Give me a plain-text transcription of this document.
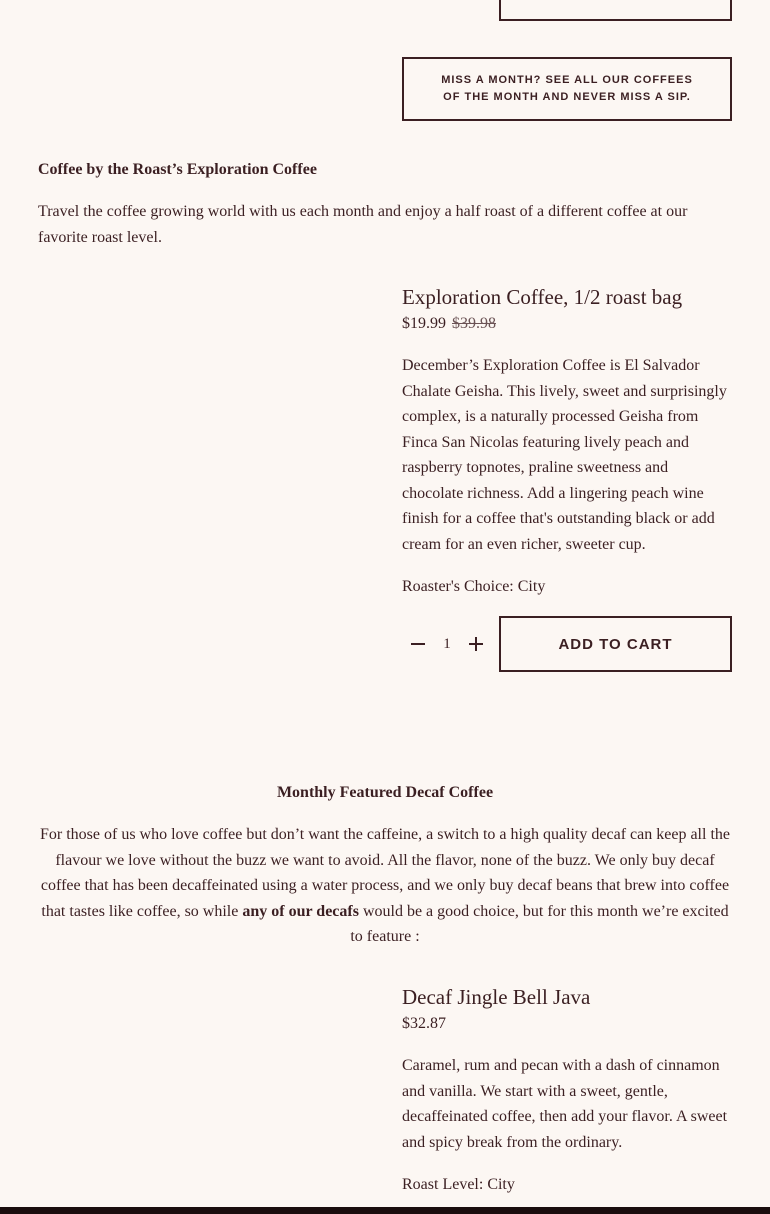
MISS A MONTH? SEE ALL OUR COFFEES OF THE MONTH AND NEVER MISS A SIP.
Coffee by the Roast’s Exploration Coffee
Travel the coffee growing world with us each month and enjoy a half roast of a different coffee at our favorite roast level.
Exploration Coffee, 1/2 roast bag
$19.99 $39.98
December’s Exploration Coffee is El Salvador Chalate Geisha. This lively, sweet and surprisingly complex, is a naturally processed Geisha from Finca San Nicolas featuring lively peach and raspberry topnotes, praline sweetness and chocolate richness. Add a lingering peach wine finish for a coffee that's outstanding black or add cream for an even richer, sweeter cup.
Roaster's Choice: City
1	ADD TO CART
Monthly Featured Decaf Coffee
For those of us who love coffee but don’t want the caffeine, a switch to a high quality decaf can keep all the flavour we love without the buzz we want to avoid. All the flavor, none of the buzz. We only buy decaf coffee that has been decaffeinated using a water process, and we only buy decaf beans that brew into coffee that tastes like coffee, so while any of our decafs would be a good choice, but for this month we’re excited to feature :
Decaf Jingle Bell Java
$32.87
Caramel, rum and pecan with a dash of cinnamon and vanilla. We start with a sweet, gentle, decaffeinated coffee, then add your flavor. A sweet and spicy break from the ordinary.
Roast Level: City
